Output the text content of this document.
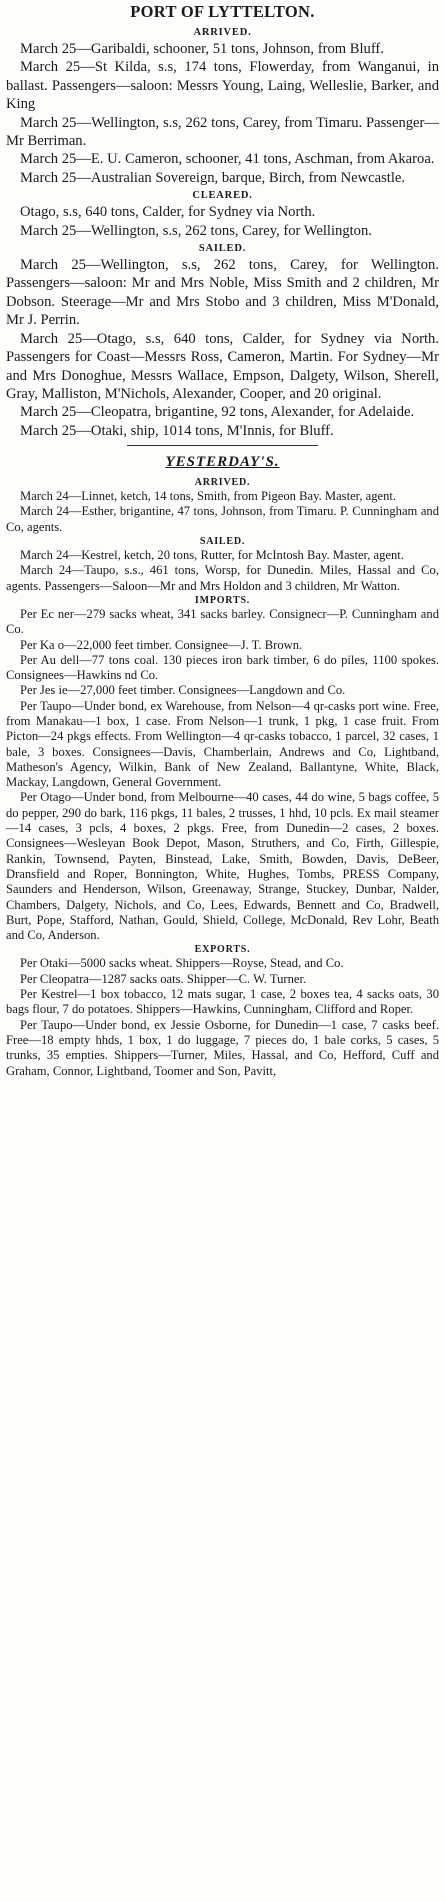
PORT OF LYTTELTON.
ARRIVED.

March 25—Garibaldi, schooner, 51 tons, Johnson, from Bluff.

March 25—St Kilda, s.s, 174 tons, Flowerday, from Wanganui, in ballast. Passengers—saloon: Messrs Young, Laing, Welleslie, Barker, and King

March 25—Wellington, s.s, 262 tons, Carey, from Timaru. Passenger—Mr Berriman.

March 25—E. U. Cameron, schooner, 41 tons, Aschman, from Akaroa.

March 25—Australian Sovereign, barque, Birch, from Newcastle.

CLEARED.

Otago, s.s, 640 tons, Calder, for Sydney via North.

March 25—Wellington, s.s, 262 tons, Carey, for Wellington.

SAILED.

March 25—Wellington, s.s, 262 tons, Carey, for Wellington. Passengers—saloon: Mr and Mrs Noble, Miss Smith and 2 children, Mr Dobson. Steerage—Mr and Mrs Stobo and 3 children, Miss M'Donald, Mr J. Perrin.

March 25—Otago, s.s, 640 tons, Calder, for Sydney via North. Passengers for Coast—Messrs Ross, Cameron, Martin. For Sydney—Mr and Mrs Donoghue, Messrs Wallace, Empson, Dalgety, Wilson, Sherell, Gray, Malliston, M'Nichols, Alexander, Cooper, and 20 original.

March 25—Cleopatra, brigantine, 92 tons, Alexander, for Adelaide.

March 25—Otaki, ship, 1014 tons, M'Innis, for Bluff.

YESTERDAY'S.
ARRIVED.

March 24—Linnet, ketch, 14 tons, Smith, from Pigeon Bay. Master, agent.

March 24—Esther, brigantine, 47 tons, Johnson, from Timaru. P. Cunningham and Co, agents.

SAILED.

March 24—Kestrel, ketch, 20 tons, Rutter, for McIntosh Bay. Master, agent.

March 24—Taupo, s.s., 461 tons, Worsp, for Dunedin. Miles, Hassal and Co, agents. Passengers—Saloon—Mr and Mrs Holdon and 3 children, Mr Watton.

IMPORTS.

Per Ec ner—279 sacks wheat, 341 sacks barley. Consignecr—P. Cunningham and Co.

Per Ka o—22,000 feet timber. Consignee—J. T. Brown.

Per Au dell—77 tons coal. 130 pieces iron bark timber, 6 do piles, 1100 spokes. Consignees—Hawkins nd Co.

Per Jes ie—27,000 feet timber. Consignees—Langdown and Co.

Per Taupo—Under bond, ex Warehouse, from Nelson—4 qr-casks port wine. Free, from Manakau—1 box, 1 case. From Nelson—1 trunk, 1 pkg, 1 case fruit. From Picton—24 pkgs effects. From Wellington—4 qr-casks tobacco, 1 parcel, 32 cases, 1 bale, 3 boxes. Consignees—Davis, Chamberlain, Andrews and Co, Lightband, Matheson's Agency, Wilkin, Bank of New Zealand, Ballantyne, White, Black, Mackay, Langdown, General Government.

Per Otago—Under bond, from Melbourne—40 cases, 44 do wine, 5 bags coffee, 5 do pepper, 290 do bark, 116 pkgs, 11 bales, 2 trusses, 1 hhd, 10 pcls. Ex mail steamer—14 cases, 3 pcls, 4 boxes, 2 pkgs. Free, from Dunedin—2 cases, 2 boxes. Consignees—Wesleyan Book Depot, Mason, Struthers, and Co, Firth, Gillespie, Rankin, Townsend, Payten, Binstead, Lake, Smith, Bowden, Davis, DeBeer, Dransfield and Roper, Bonnington, White, Hughes, Tombs, PRESS Company, Saunders and Henderson, Wilson, Greenaway, Strange, Stuckey, Dunbar, Nalder, Chambers, Dalgety, Nichols, and Co, Lees, Edwards, Bennett and Co, Bradwell, Burt, Pope, Stafford, Nathan, Gould, Shield, College, McDonald, Rev Lohr, Beath and Co, Anderson.

EXPORTS.

Per Otaki—5000 sacks wheat. Shippers—Royse, Stead, and Co.

Per Cleopatra—1287 sacks oats. Shipper—C. W. Turner.

Per Kestrel—1 box tobacco, 12 mats sugar, 1 case, 2 boxes tea, 4 sacks oats, 30 bags flour, 7 do potatoes. Shippers—Hawkins, Cunningham, Clifford and Roper.

Per Taupo—Under bond, ex Jessie Osborne, for Dunedin—1 case, 7 casks beef. Free—18 empty hhds, 1 box, 1 do luggage, 7 pieces do, 1 bale corks, 5 cases, 5 trunks, 35 empties. Shippers—Turner, Miles, Hassal, and Co, Hefford, Cuff and Graham, Connor, Lightband, Toomer and Son, Pavitt,
